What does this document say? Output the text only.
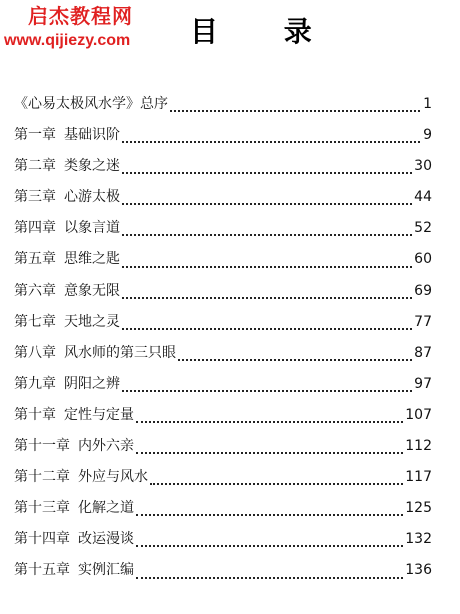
启杰教程网
www.qijiezy.com	目 录
《心易太极风水学》总序	1
第一章 基础识阶	9
第二章 类象之迷	30
第三章 心游太极	44
第四章 以象言道	52
第五章 思维之匙	60
第六章 意象无限	69
第七章 天地之灵	77
第八章 风水师的第三只眼	87
第九章 阴阳之辨	97
第十章 定性与定量	107
第十一章 内外六亲	112
第十二章 外应与风水	117
第十三章 化解之道	125
第十四章 改运漫谈	132
第十五章 实例汇编	136
